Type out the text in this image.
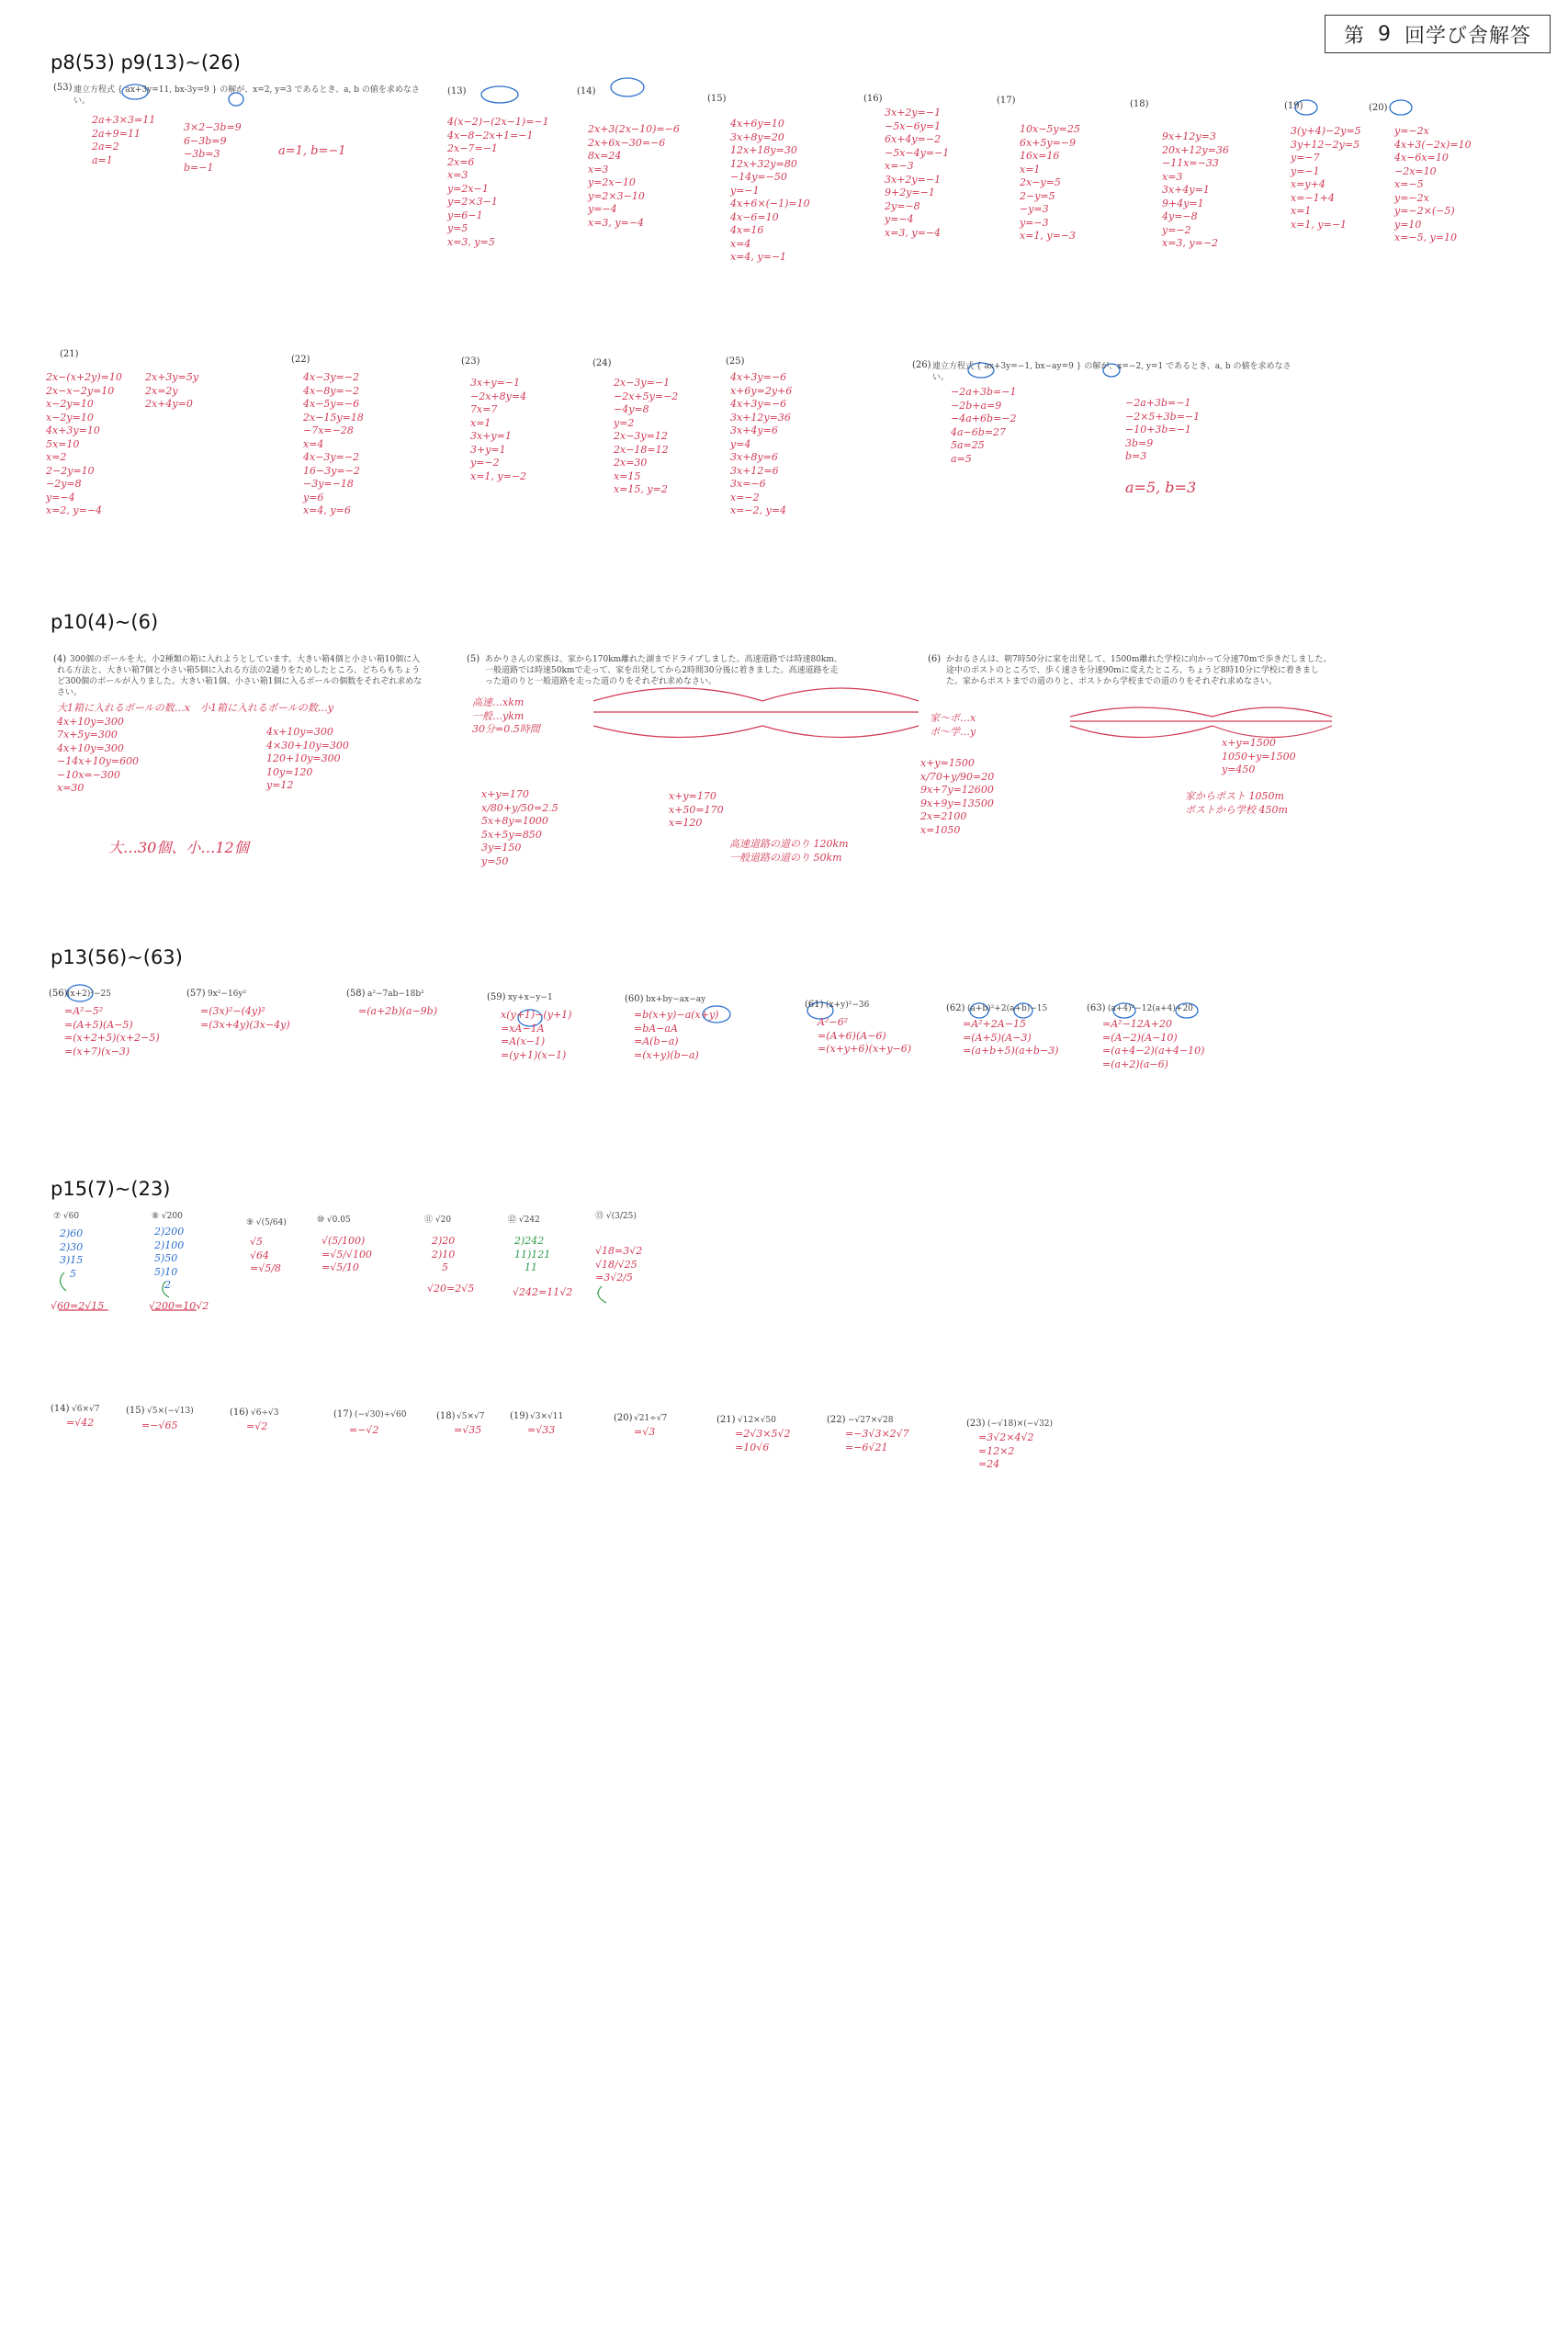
第 9 回学び舎解答
p8(53) p9(13)~(26)
(53) 連立方程式 { ax+3y=11, bx-3y=9 } の解が、x=2, y=3 であるとき、a, b の値を求めなさい。
2a+3×3=11
2a+9=11
2a=2
a=1
3×2−3b=9
6−3b=9
−3b=3
b=−1
a=1, b=−1
(13)
4(x−2)−(2x−1)=−1
4x−8−2x+1=−1
2x−7=−1
2x=6
x=3
y=2x−1
y=2×3−1
y=6−1
y=5
x=3, y=5
(14)
2x+3(2x−10)=−6
2x+6x−30=−6
8x=24
x=3
y=2x−10
y=2×3−10
y=−4
x=3, y=−4
(15)
4x+6y=10
3x+8y=20
12x+18y=30
12x+32y=80
−14y=−50
y=−1
4x+6×(−1)=10
4x−6=10
4x=16
x=4
x=4, y=−1
(16)
3x+2y=−1
−5x−6y=1
6x+4y=−2
−5x−4y=−1
x=−3
3x+2y=−1
9+2y=−1
2y=−8
y=−4
x=3, y=−4
(17)
10x−5y=25
6x+5y=−9
16x=16
x=1
2x−y=5
2−y=5
−y=3
y=−3
x=1, y=−3
(18)
9x+12y=3
20x+12y=36
−11x=−33
x=3
3x+4y=1
9+4y=1
4y=−8
y=−2
x=3, y=−2
(19)
3(y+4)−2y=5
3y+12−2y=5
y=−7
y=−1
x=y+4
x=−1+4
x=1
x=1, y=−1
(20)
y=−2x
4x+3(−2x)=10
4x−6x=10
−2x=10
x=−5
y=−2x
y=−2×(−5)
y=10
x=−5, y=10
(21)
2x−(x+2y)=10
2x−x−2y=10
x−2y=10
x−2y=10
4x+3y=10
5x=10
x=2
2−2y=10
−2y=8
y=−4
x=2, y=−4
2x+3y=5y
2x=2y
2x+4y=0
(22)
4x−3y=−2
4x−8y=−2
4x−5y=−6
2x−15y=18
−7x=−28
x=4
4x−3y=−2
16−3y=−2
−3y=−18
y=6
x=4, y=6
(23)
3x+y=−1
−2x+8y=4
7x=7
x=1
3x+y=1
3+y=1
y=−2
x=1, y=−2
(24)
2x−3y=−1
−2x+5y=−2
−4y=8
y=2
2x−3y=12
2x−18=12
2x=30
x=15
x=15, y=2
(25)
4x+3y=−6
x+6y=2y+6
4x+3y=−6
3x+12y=36
3x+4y=6
y=4
3x+8y=6
3x+12=6
3x=−6
x=−2
x=−2, y=4
(26) 連立方程式 { ax+3y=−1, bx−ay=9 } の解が、x=−2, y=1 であるとき、a, b の値を求めなさい。
−2a+3b=−1
−2b+a=9
−4a+6b=−2
4a−6b=27
5a=25
a=5
−2a+3b=−1
−2×5+3b=−1
−10+3b=−1
3b=9
b=3
a=5, b=3
p10(4)~(6)
(4) 300個のボールを大、小2種類の箱に入れようとしています。大きい箱4個と小さい箱10個に入れる方法と、大きい箱7個と小さい箱5個に入れる方法の2通りをためしたところ、どちらもちょうど300個のボールが入りました。大きい箱1個、小さい箱1個に入るボールの個数をそれぞれ求めなさい。
大1箱に入れるボールの数…x　小1箱に入れるボールの数…y
4x+10y=300
7x+5y=300
4x+10y=300
−14x+10y=600
−10x=−300
x=30
4x+10y=300
4×30+10y=300
120+10y=300
10y=120
y=12
大…30個、小…12個
(5) あかりさんの家族は、家から170km離れた湖までドライブしました。高速道路では時速80km、一般道路では時速50kmで走って、家を出発してから2時間30分後に着きました。高速道路を走った道のりと一般道路を走った道のりをそれぞれ求めなさい。
高速…xkm
一般…ykm
30分=0.5時間
x+y=170
x/80+y/50=2.5
5x+8y=1000
5x+5y=850
3y=150
y=50
x+y=170
x+50=170
x=120
高速道路の道のり 120km
一般道路の道のり 50km
(6) かおるさんは、朝7時50分に家を出発して、1500m離れた学校に向かって分速70mで歩きだしました。途中のポストのところで、歩く速さを分速90mに変えたところ、ちょうど8時10分に学校に着きました。家からポストまでの道のりと、ポストから学校までの道のりをそれぞれ求めなさい。
家〜ポ…x
ポ〜学…y
x+y=1500
x/70+y/90=20
9x+7y=12600
9x+9y=13500
2x=2100
x=1050
x+y=1500
1050+y=1500
y=450
家からポスト 1050m
ポストから学校 450m
p13(56)~(63)
(56) (x+2)²−25
=A²−5²
=(A+5)(A−5)
=(x+2+5)(x+2−5)
=(x+7)(x−3)
(57) 9x²−16y²
=(3x)²−(4y)²
=(3x+4y)(3x−4y)
(58) a²−7ab−18b²
=(a+2b)(a−9b)
(59) xy+x−y−1
x(y+1)−(y+1)
=xA−1A
=A(x−1)
=(y+1)(x−1)
(60) bx+by−ax−ay
=b(x+y)−a(x+y)
=bA−aA
=A(b−a)
=(x+y)(b−a)
(61) (x+y)²−36
A²−6²
=(A+6)(A−6)
=(x+y+6)(x+y−6)
(62) (a+b)²+2(a+b)−15
=A²+2A−15
=(A+5)(A−3)
=(a+b+5)(a+b−3)
(63) (a+4)²−12(a+4)+20
=A²−12A+20
=(A−2)(A−10)
=(a+4−2)(a+4−10)
=(a+2)(a−6)
p15(7)~(23)
⑦ √60
2)60
2)30
3)15
　5
√60=2√15
⑧ √200
2)200
2)100
5)50
5)10
　2
√200=10√2
⑨ √(5/64)
√5
√64
=√5/8
⑩ √0.05
√(5/100)
=√5/√100
=√5/10
⑪ √20
2)20
2)10
　5
√20=2√5
⑫ √242
2)242
11)121
　11
√242=11√2
⑬ √(3/25)
√18=3√2
√18/√25
=3√2/5
(14) √6×√7
=√42
(15) √5×(−√13)
=−√65
(16) √6÷√3
=√2
(17) (−√30)÷√60
=−√2
(18) √5×√7
=√35
(19) √3×√11
=√33
(20) √21÷√7
=√3
(21) √12×√50
=2√3×5√2
=10√6
(22) −√27×√28
=−3√3×2√7
=−6√21
(23) (−√18)×(−√32)
=3√2×4√2
=12×2
=24
